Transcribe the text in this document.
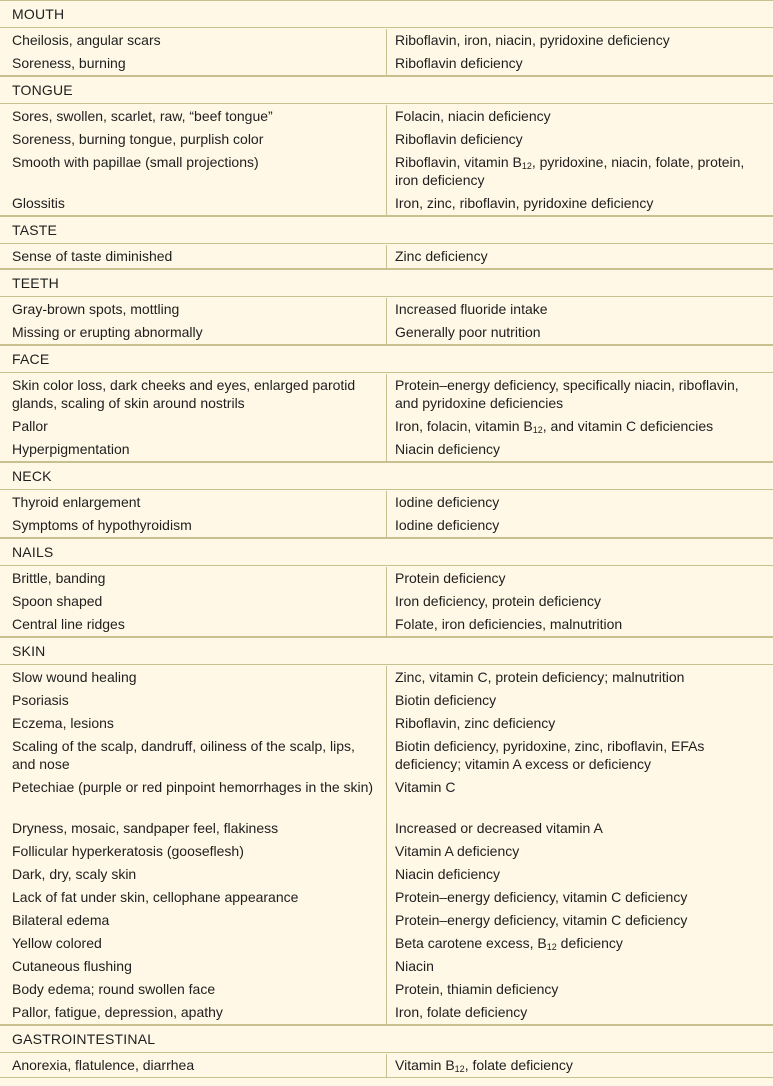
MOUTH
Cheilosis, angular scars
Soreness, burning
Riboflavin, iron, niacin, pyridoxine deficiency
Riboflavin deficiency
TONGUE
Sores, swollen, scarlet, raw, “beef tongue”
Soreness, burning tongue, purplish color
Smooth with papillae (small projections)
Glossitis
Folacin, niacin deficiency
Riboflavin deficiency
Riboflavin, vitamin $B_{12}$, pyridoxine, niacin, folate, protein, iron deficiency
Iron, zinc, riboflavin, pyridoxine deficiency
TASTE
Sense of taste diminished	Zinc deficiency
TEETH
Gray-brown spots, mottling
Missing or erupting abnormally
Increased fluoride intake
Generally poor nutrition
FACE
Skin color loss, dark cheeks and eyes, enlarged parotid glands, scaling of skin around nostrils
Pallor
Hyperpigmentation
Protein–energy deficiency, specifically niacin, riboflavin, and pyridoxine deficiencies
Iron, folacin, vitamin $B_{12}$, and vitamin C deficiencies
Niacin deficiency
NECK
Thyroid enlargement
Symptoms of hypothyroidism
Iodine deficiency
Iodine deficiency
NAILS
Brittle, banding
Spoon shaped
Central line ridges
Protein deficiency
Iron deficiency, protein deficiency
Folate, iron deficiencies, malnutrition
SKIN
Slow wound healing
Psoriasis
Eczema, lesions
Scaling of the scalp, dandruff, oiliness of the scalp, lips, and nose
Petechiae (purple or red pinpoint hemorrhages in the skin)
Dryness, mosaic, sandpaper feel, flakiness
Follicular hyperkeratosis (gooseflesh)
Dark, dry, scaly skin
Lack of fat under skin, cellophane appearance
Bilateral edema
Yellow colored
Cutaneous flushing
Body edema; round swollen face
Pallor, fatigue, depression, apathy
Zinc, vitamin C, protein deficiency; malnutrition
Biotin deficiency
Riboflavin, zinc deficiency
Biotin deficiency, pyridoxine, zinc, riboflavin, EFAs deficiency; vitamin A excess or deficiency
Vitamin C
Increased or decreased vitamin A
Vitamin A deficiency
Niacin deficiency
Protein–energy deficiency, vitamin C deficiency
Protein–energy deficiency, vitamin C deficiency
Beta carotene excess, $B_{12}$ deficiency
Niacin
Protein, thiamin deficiency
Iron, folate deficiency
GASTROINTESTINAL
Anorexia, flatulence, diarrhea	Vitamin $B_{12}$, folate deficiency
